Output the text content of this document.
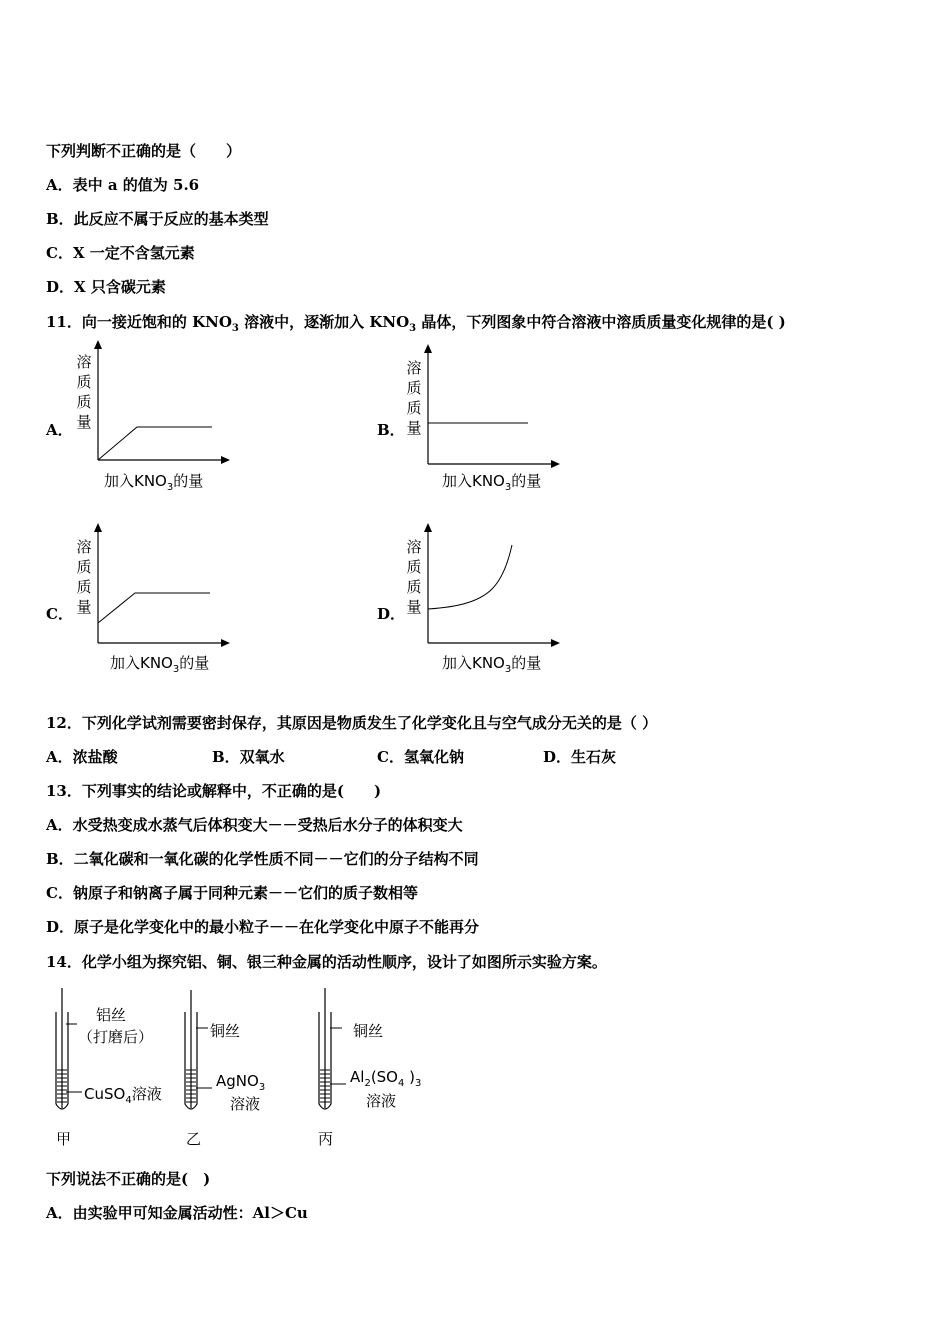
下列判断不正确的是（　　）
A．表中 a 的值为 5.6
B．此反应不属于反应的基本类型
C．X 一定不含氢元素
D．X 只含碳元素
11．向一接近饱和的 $KNO_3$ 溶液中，逐渐加入 $KNO_3$ 晶体，下列图象中符合溶液中溶质质量变化规律的是( )
A．
溶
质
质
量
加入$KNO_3$的量
B．
溶
质
质
量
加入$KNO_3$的量
C．
溶
质
质
量
加入$KNO_3$的量
D．
溶
质
质
量
加入$KNO_3$的量
12．下列化学试剂需要密封保存，其原因是物质发生了化学变化且与空气成分无关的是（ ）
A．浓盐酸	B．双氧水	C．氢氧化钠	D．生石灰
13．下列事实的结论或解释中，不正确的是(　　)
A．水受热变成水蒸气后体积变大－－受热后水分子的体积变大
B．二氧化碳和一氧化碳的化学性质不同－－它们的分子结构不同
C．钠原子和钠离子属于同种元素－－它们的质子数相等
D．原子是化学变化中的最小粒子－－在化学变化中原子不能再分
14．化学小组为探究铝、铜、银三种金属的活动性顺序，设计了如图所示实验方案。
铝丝
（打磨后）
CuSO$_4$溶液
甲
铜丝
AgNO$_3$
溶液
乙
铜丝
$Al_2(SO_4$ )$_3$
溶液
丙
下列说法不正确的是(　)
A．由实验甲可知金属活动性：Al＞Cu
